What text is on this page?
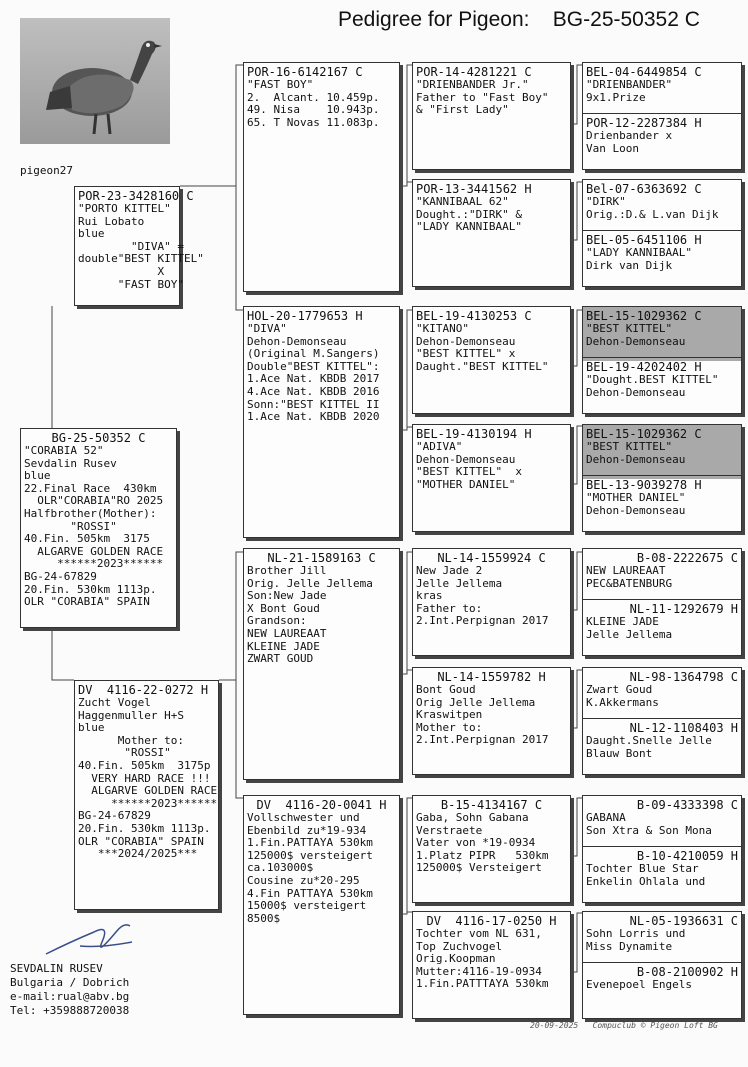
Pedigree for Pigeon:    BG-25-50352 C
pigeon27
BG-25-50352 C
"CORABIA 52"
Sevdalin Rusev
blue
22.Final Race  430km
OLR"CORABIA"RO 2025
Halfbrother(Mother):
"ROSSI"
40.Fin. 505km  3175
ALGARVE GOLDEN RACE
******2023******
BG-24-67829
20.Fin. 530km 1113p.
OLR "CORABIA" SPAIN
POR-23-3428160 C
"PORTO KITTEL"
Rui Lobato
blue
"DIVA" =
double"BEST KITTEL"
X
"FAST BOY"
DV  4116-22-0272 H
Zucht Vogel
Haggenmuller H+S
blue
Mother to:
"ROSSI"
40.Fin. 505km  3175p
VERY HARD RACE !!!
ALGARVE GOLDEN RACE
******2023******
BG-24-67829
20.Fin. 530km 1113p.
OLR "CORABIA" SPAIN
***2024/2025***
POR-16-6142167 C
"FAST BOY"
2.  Alcant. 10.459p.
49. Nisa    10.943p.
65. T Novas 11.083p.
HOL-20-1779653 H
"DIVA"
Dehon-Demonseau
(Original M.Sangers)
Double"BEST KITTEL":
1.Ace Nat. KBDB 2017
4.Ace Nat. KBDB 2016
Sonn:"BEST KITTEL II
1.Ace Nat. KBDB 2020
NL-21-1589163 C
Brother Jill
Orig. Jelle Jellema
Son:New Jade
X Bont Goud
Grandson:
NEW LAUREAAT
KLEINE JADE
ZWART GOUD
DV  4116-20-0041 H
Vollschwester und
Ebenbild zu*19-934
1.Fin.PATTAYA 530km
125000$ versteigert
ca.103000$
Cousine zu*20-295
4.Fin PATTAYA 530km
15000$ versteigert
8500$
POR-14-4281221 C
"DRIENBANDER Jr."
Father to "Fast Boy"
& "First Lady"
POR-13-3441562 H
"KANNIBAAL 62"
Dought.:"DIRK" &
"LADY KANNIBAAL"
BEL-19-4130253 C
"KITANO"
Dehon-Demonseau
"BEST KITTEL" x
Daught."BEST KITTEL"
BEL-19-4130194 H
"ADIVA"
Dehon-Demonseau
"BEST KITTEL"  x
"MOTHER DANIEL"
NL-14-1559924 C
New Jade 2
Jelle Jellema
kras
Father to:
2.Int.Perpignan 2017
NL-14-1559782 H
Bont Goud
Orig Jelle Jellema
Kraswitpen
Mother to:
2.Int.Perpignan 2017
B-15-4134167 C
Gaba, Sohn Gabana
Verstraete
Vater von *19-0934
1.Platz PIPR   530km
125000$ Versteigert
DV  4116-17-0250 H
Tochter vom NL 631,
Top Zuchvogel
Orig.Koopman
Mutter:4116-19-0934
1.Fin.PATTTAYA 530km
BEL-04-6449854 C
"DRIENBANDER"
9x1.Prize
POR-12-2287384 H
Drienbander x
Van Loon
Bel-07-6363692 C
"DIRK"
Orig.:D.& L.van Dijk
BEL-05-6451106 H
"LADY KANNIBAAL"
Dirk van Dijk
BEL-15-1029362 C
"BEST KITTEL"
Dehon-Demonseau
BEL-19-4202402 H
"Dought.BEST KITTEL"
Dehon-Demonseau
BEL-15-1029362 C
"BEST KITTEL"
Dehon-Demonseau
BEL-13-9039278 H
"MOTHER DANIEL"
Dehon-Demonseau
B-08-2222675 C
NEW LAUREAAT
PEC&BATENBURG
NL-11-1292679 H
KLEINE JADE
Jelle Jellema
NL-98-1364798 C
Zwart Goud
K.Akkermans
NL-12-1108403 H
Daught.Snelle Jelle
Blauw Bont
B-09-4333398 C
GABANA
Son Xtra & Son Mona
B-10-4210059 H
Tochter Blue Star
Enkelin Ohlala und
NL-05-1936631 C
Sohn Lorris und
Miss Dynamite
B-08-2100902 H
Evenepoel Engels
SEVDALIN RUSEV
Bulgaria / Dobrich
e-mail:rual@abv.bg
Tel: +359888720038
20-09-2025   Compuclub © Pigeon Loft BG
